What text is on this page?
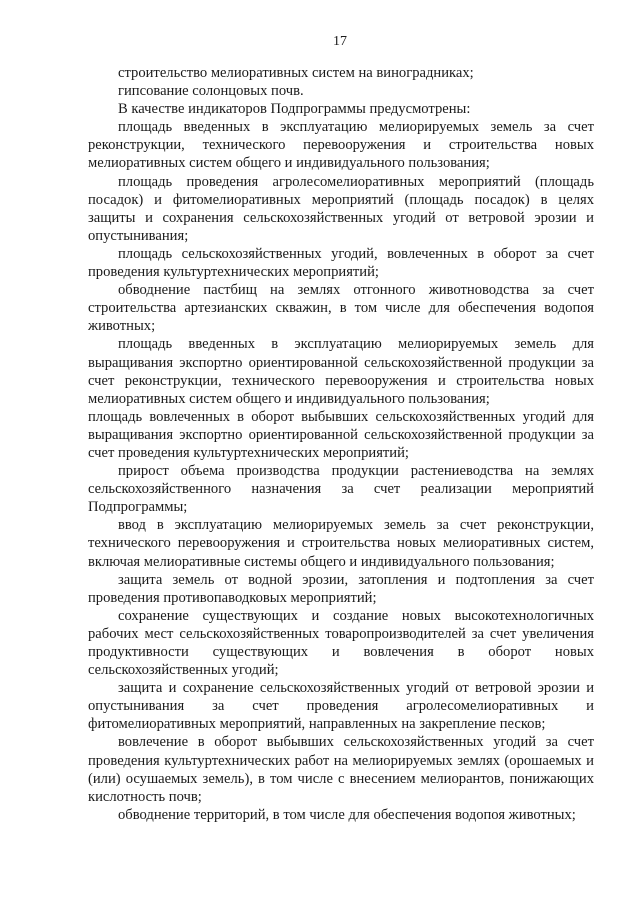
17

строительство мелиоративных систем на виноградниках;

гипсование солонцовых почв.

В качестве индикаторов Подпрограммы предусмотрены:

площадь введенных в эксплуатацию мелиорируемых земель за счет реконструкции, технического перевооружения и строительства новых мелиоративных систем общего и индивидуального пользования;

площадь проведения агролесомелиоративных мероприятий (площадь посадок) и фитомелиоративных мероприятий (площадь посадок) в целях защиты и сохранения сельскохозяйственных угодий от ветровой эрозии и опустынивания;

площадь сельскохозяйственных угодий, вовлеченных в оборот за счет проведения культуртехнических мероприятий;

обводнение пастбищ на землях отгонного животноводства за счет строительства артезианских скважин, в том числе для обеспечения водопоя животных;

площадь введенных в эксплуатацию мелиорируемых земель для выращивания экспортно ориентированной сельскохозяйственной продукции за счет реконструкции, технического перевооружения и строительства новых мелиоративных систем общего и индивидуального пользования;

площадь вовлеченных в оборот выбывших сельскохозяйственных угодий для выращивания экспортно ориентированной сельскохозяйственной продукции за счет проведения культуртехнических мероприятий;

прирост объема производства продукции растениеводства на землях сельскохозяйственного назначения за счет реализации мероприятий Подпрограммы;

ввод в эксплуатацию мелиорируемых земель за счет реконструкции, технического перевооружения и строительства новых мелиоративных систем, включая мелиоративные системы общего и индивидуального пользования;

защита земель от водной эрозии, затопления и подтопления за счет проведения противопаводковых мероприятий;

сохранение существующих и создание новых высокотехнологичных рабочих мест сельскохозяйственных товаропроизводителей за счет увеличения продуктивности существующих и вовлечения в оборот новых сельскохозяйственных угодий;

защита и сохранение сельскохозяйственных угодий от ветровой эрозии и опустынивания за счет проведения агролесомелиоративных и фитомелиоративных мероприятий, направленных на закрепление песков;

вовлечение в оборот выбывших сельскохозяйственных угодий за счет проведения культуртехнических работ на мелиорируемых землях (орошаемых и (или) осушаемых земель), в том числе с внесением мелиорантов, понижающих кислотность почв;

обводнение территорий, в том числе для обеспечения водопоя животных;
